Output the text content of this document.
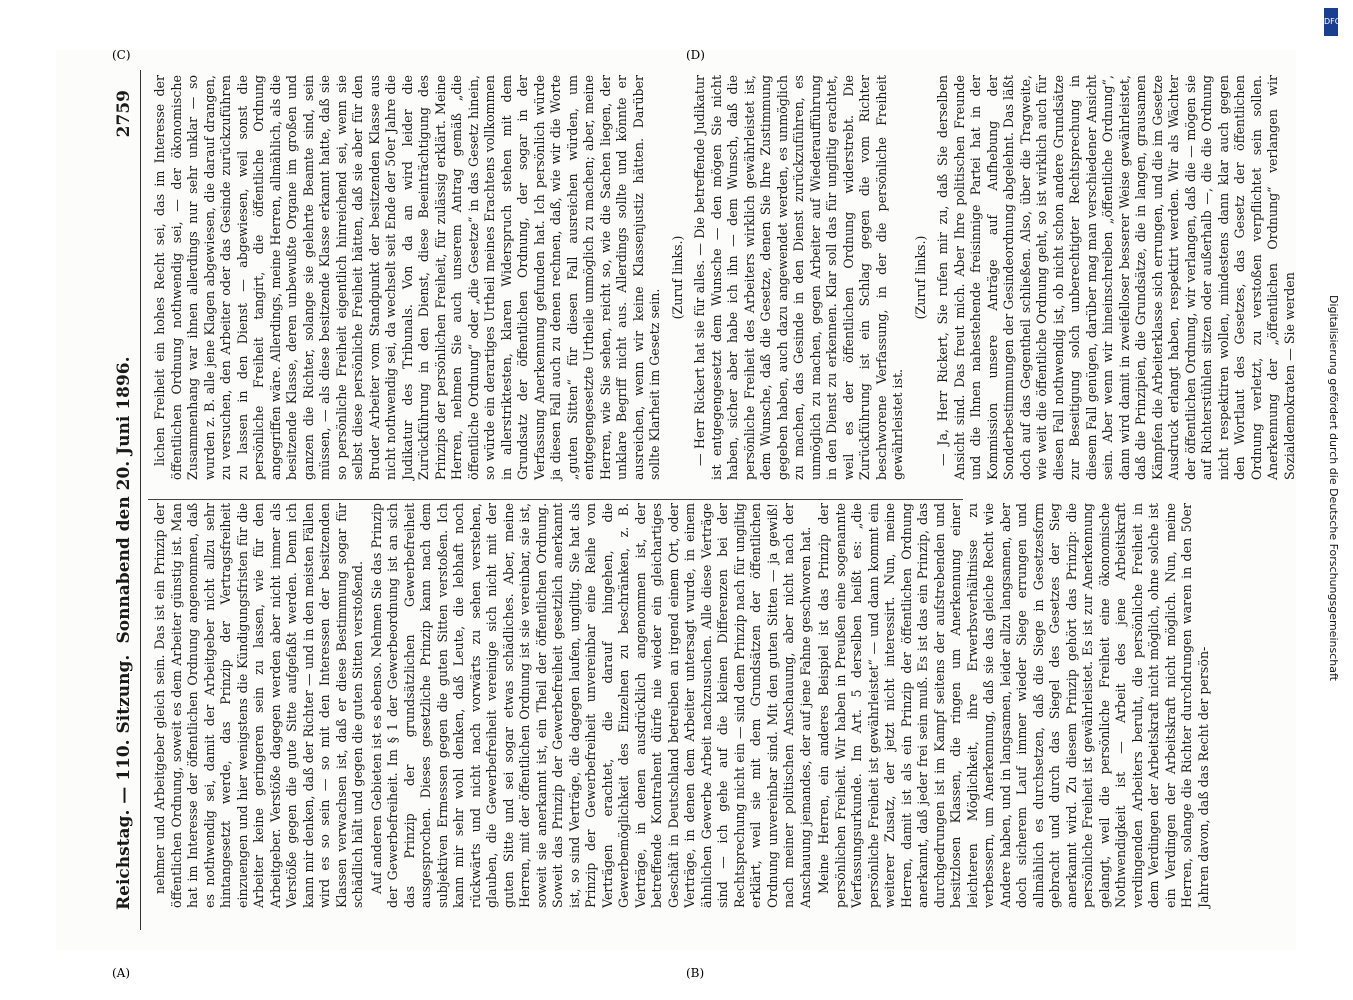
Reichstag. — 110. Sitzung.
Sonnabend den 20. Juni 1896.
2759

nehmer und Arbeitgeber gleich sein. Das ist ein Prinzip der öffentlichen Ordnung, soweit es dem Arbeiter günstig ist. Man hat im Interesse der öffentlichen Ordnung angenommen, daß es nothwendig sei, damit der Arbeitgeber nicht allzu sehr hintangesetzt werde, das Prinzip der Vertragsfreiheit einzuengen und hier wenigstens die Kündigungsfristen für die Arbeiter keine geringeren sein zu lassen, wie für den Arbeitgeber. Verstöße dagegen werden aber nicht immer als Verstöße gegen die gute Sitte aufgefaßt werden. Denn ich kann mir denken, daß der Richter — und in den meisten Fällen wird es so sein — so mit den Interessen der besitzenden Klassen verwachsen ist, daß er diese Bestimmung sogar für schädlich hält und gegen die guten Sitten verstoßend. Auf anderen Gebieten ist es ebenso. Nehmen Sie das Prinzip der Gewerbefreiheit. Im § 1 der Gewerbeordnung ist an sich das Prinzip der grundsätzlichen Gewerbefreiheit ausgesprochen. Dieses gesetzliche Prinzip kann nach dem subjektiven Ermessen gegen die guten Sitten verstoßen. Ich kann mir sehr wohl denken, daß Leute, die lebhaft noch rückwärts und nicht nach vorwärts zu sehen verstehen, glauben, die Gewerbefreiheit vereinige sich nicht mit der guten Sitte und sei sogar etwas schädliches. Aber, meine Herren, mit der öffentlichen Ordnung ist sie vereinbar, sie ist, soweit sie anerkannt ist, ein Theil der öffentlichen Ordnung. Soweit das Prinzip der Gewerbefreiheit gesetzlich anerkannt ist, so sind Verträge, die dagegen laufen, ungiltig. Sie hat als Prinzip der Gewerbefreiheit unvereinbar eine Reihe von Verträgen erachtet, die darauf hingehen, die Gewerbemöglichkeit des Einzelnen zu beschränken, z. B. Verträge, in denen ausdrücklich angenommen ist, der betreffende Kontrahent dürfe nie wieder ein gleichartiges Geschäft in Deutschland betreiben an irgend einem Ort, oder Verträge, in denen dem Arbeiter untersagt wurde, in einem ähnlichen Gewerbe Arbeit nachzusuchen. Alle diese Verträge sind — ich gehe auf die kleinen Differenzen bei der Rechtsprechung nicht ein — sind dem Prinzip nach für ungiltig erklärt, weil sie mit dem Grundsätzen der öffentlichen Ordnung unvereinbar sind. Mit den guten Sitten — ja gewiß! nach meiner politischen Anschauung, aber nicht nach der Anschauung jemandes, der auf jene Fahne geschworen hat. Meine Herren, ein anderes Beispiel ist das Prinzip der persönlichen Freiheit. Wir haben in Preußen eine sogenannte Verfassungsurkunde. Im Art. 5 derselben heißt es: „die persönliche Freiheit ist gewährleistet“ — und dann kommt ein weiterer Zusatz, der jetzt nicht interessirt. Nun, meine Herren, damit ist als ein Prinzip der öffentlichen Ordnung anerkannt, daß jeder frei sein muß. Es ist das ein Prinzip, das durchgedrungen ist im Kampf seitens der aufstrebenden und besitzlosen Klassen, die ringen um Anerkennung einer leichteren Möglichkeit, ihre Erwerbsverhältnisse zu verbessern, um Anerkennung, daß sie das gleiche Recht wie Andere haben, und in langsamen, leider allzu langsamen, aber doch sicherem Lauf immer wieder Siege errungen und allmählich es durchsetzen, daß die Siege in Gesetzesform gebracht und durch das Siegel des Gesetzes der Sieg anerkannt wird. Zu diesem Prinzip gehört das Prinzip: die persönliche Freiheit ist gewährleistet. Es ist zur Anerkennung gelangt, weil die persönliche Freiheit eine ökonomische Nothwendigkeit ist — Arbeit des jene Arbeitskraft verdingenden Arbeiters beruht, die persönliche Freiheit in dem Verdingen der Arbeitskraft nicht möglich, ohne solche ist ein Verdingen der Arbeitskraft nicht möglich. Nun, meine Herren, solange die Richter durchdrungen waren in den 50er Jahren davon, daß das Recht der persön-

lichen Freiheit ein hohes Recht sei, das im Interesse der öffentlichen Ordnung nothwendig sei, — der ökonomische Zusammenhang war ihnen allerdings nur sehr unklar — so wurden z. B. alle jene Klagen abgewiesen, die darauf drangen, zu versuchen, den Arbeiter oder das Gesinde zurückzuführen zu lassen in den Dienst — abgewiesen, weil sonst die persönliche Freiheit tangirt, die öffentliche Ordnung angegriffen wäre. Allerdings, meine Herren, allmählich, als die besitzende Klasse, deren unbewußte Organe im großen und ganzen die Richter, solange sie gelehrte Beamte sind, sein müssen, — als diese besitzende Klasse erkannt hatte, daß sie so persönliche Freiheit eigentlich hinreichend sei, wenn sie selbst diese persönliche Freiheit hätten, daß sie aber für den Bruder Arbeiter vom Standpunkt der besitzenden Klasse aus nicht nothwendig sei, da wechselt seit Ende der 50er Jahre die Judikatur des Tribunals. Von da an wird leider die Zurückführung in den Dienst, diese Beeinträchtigung des Prinzips der persönlichen Freiheit, für zulässig erklärt. Meine Herren, nehmen Sie auch unserem Antrag gemäß „die öffentliche Ordnung“ oder „die Gesetze“ in das Gesetz hinein, so würde ein derartiges Urtheil meines Erachtens vollkommen in allerstriktesten, klaren Widerspruch stehen mit dem Grundsatz der öffentlichen Ordnung, der sogar in der Verfassung Anerkennung gefunden hat. Ich persönlich würde ja diesen Fall auch zu denen rechnen, daß, wie wir die Worte „guten Sitten“ für diesen Fall ausreichen würden, um entgegengesetzte Urtheile unmöglich zu machen; aber, meine Herren, wie Sie sehen, reicht so, wie die Sachen liegen, der unklare Begriff nicht aus. Allerdings sollte und könnte er ausreichen, wenn wir keine Klassenjustiz hätten. Darüber sollte Klarheit im Gesetz sein.

(Zuruf links.) — Herr Rickert hat sie für alles. — Die betreffende Judikatur ist entgegengesetzt dem Wunsche — den mögen Sie nicht haben, sicher aber habe ich ihn — dem Wunsch, daß die persönliche Freiheit des Arbeiters wirklich gewährleistet ist, dem Wunsche, daß die Gesetze, denen Sie Ihre Zustimmung gegeben haben, auch dazu angewendet werden, es unmöglich zu machen, das Gesinde in den Dienst zurückzuführen, es unmöglich zu machen, gegen Arbeiter auf Wiederaufführung in den Dienst zu erkennen. Klar soll das für ungiltig erachtet, weil es der öffentlichen Ordnung widerstrebt. Die Zurückführung ist ein Schlag gegen die vom Richter beschworene Verfassung, in der die persönliche Freiheit gewährleistet ist.

(Zuruf links.) — Ja, Herr Rickert, Sie rufen mir zu, daß Sie derselben Ansicht sind. Das freut mich. Aber Ihre politischen Freunde und die Ihnen nahestehende freisinnige Partei hat in der Kommission unsere Anträge auf Aufhebung der Sonderbestimmungen der Gesindeordnung abgelehnt. Das läßt doch auf das Gegentheil schließen. Also, über die Tragweite, wie weit die öffentliche Ordnung geht, so ist wirklich auch für diesen Fall nothwendig ist, ob nicht schon andere Grundsätze zur Beseitigung solch unberechtigter Rechtsprechung in diesem Fall genügen, darüber mag man verschiedener Ansicht sein. Aber wenn wir hineinschreiben „öffentliche Ordnung“, dann wird damit in zweifelloser besserer Weise gewährleistet, daß die Prinzipien, die Grundsätze, die in langen, grausamen Kämpfen die Arbeiterklasse sich errungen, und die im Gesetze Ausdruck erlangt haben, respektirt werden. Wir als Wächter der öffentlichen Ordnung, wir verlangen, daß die — mögen sie auf Richterstühlen sitzen oder außerhalb —, die die Ordnung nicht respektiren wollen, mindestens dann klar auch gegen den Wortlaut des Gesetzes, das Gesetz der öffentlichen Ordnung verletzt, zu verstoßen verpflichtet sein sollen. Anerkennung der „öffentlichen Ordnung“ verlangen wir Sozialdemokraten — Sie werden

(A)	(B)
(C)	(D)
DFG
Digitalisierung gefördert durch die Deutsche Forschungsgemeinschaft
